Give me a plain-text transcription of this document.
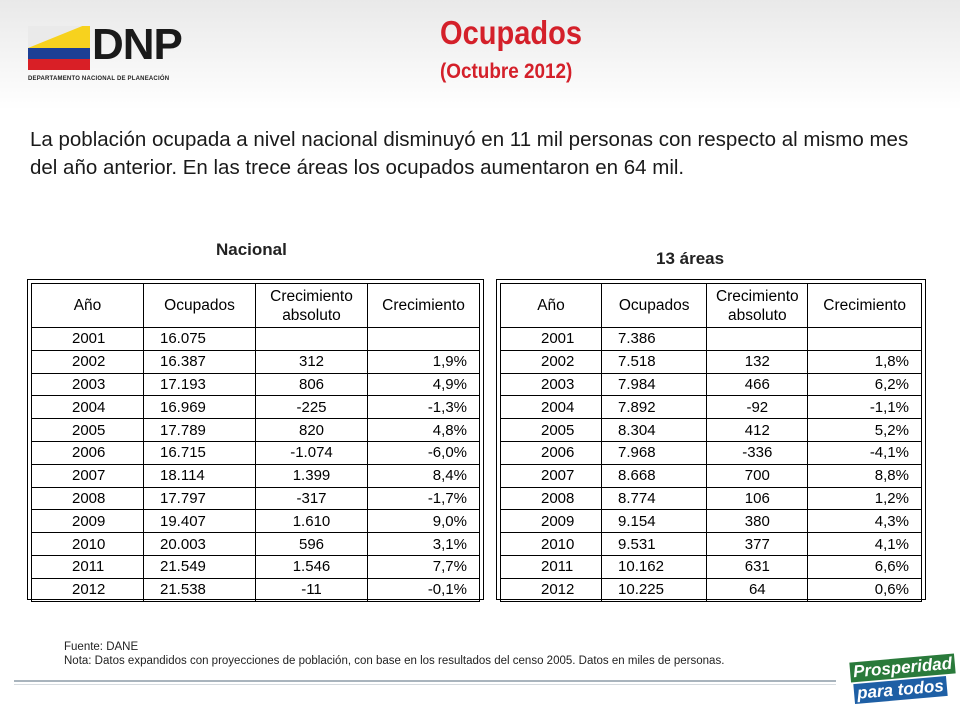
DNP
DEPARTAMENTO NACIONAL DE PLANEACIÓN
Ocupados
(Octubre 2012)
La población ocupada a nivel nacional disminuyó en 11 mil personas con respecto al mismo mes del año anterior. En las trece áreas los ocupados aumentaron en 64 mil.
Nacional	13 áreas
Año	Ocupados	Crecimiento absoluto	Crecimiento
2001	16.075		
2002	16.387	312	1,9%
2003	17.193	806	4,9%
2004	16.969	-225	-1,3%
2005	17.789	820	4,8%
2006	16.715	-1.074	-6,0%
2007	18.114	1.399	8,4%
2008	17.797	-317	-1,7%
2009	19.407	1.610	9,0%
2010	20.003	596	3,1%
2011	21.549	1.546	7,7%
2012	21.538	-11	-0,1%
Año	Ocupados	Crecimiento absoluto	Crecimiento
2001	7.386		
2002	7.518	132	1,8%
2003	7.984	466	6,2%
2004	7.892	-92	-1,1%
2005	8.304	412	5,2%
2006	7.968	-336	-4,1%
2007	8.668	700	8,8%
2008	8.774	106	1,2%
2009	9.154	380	4,3%
2010	9.531	377	4,1%
2011	10.162	631	6,6%
2012	10.225	64	0,6%
Fuente: DANE
Nota: Datos expandidos con proyecciones de población, con base en los resultados del censo 2005. Datos en miles de personas.	Prosperidad
para todos
